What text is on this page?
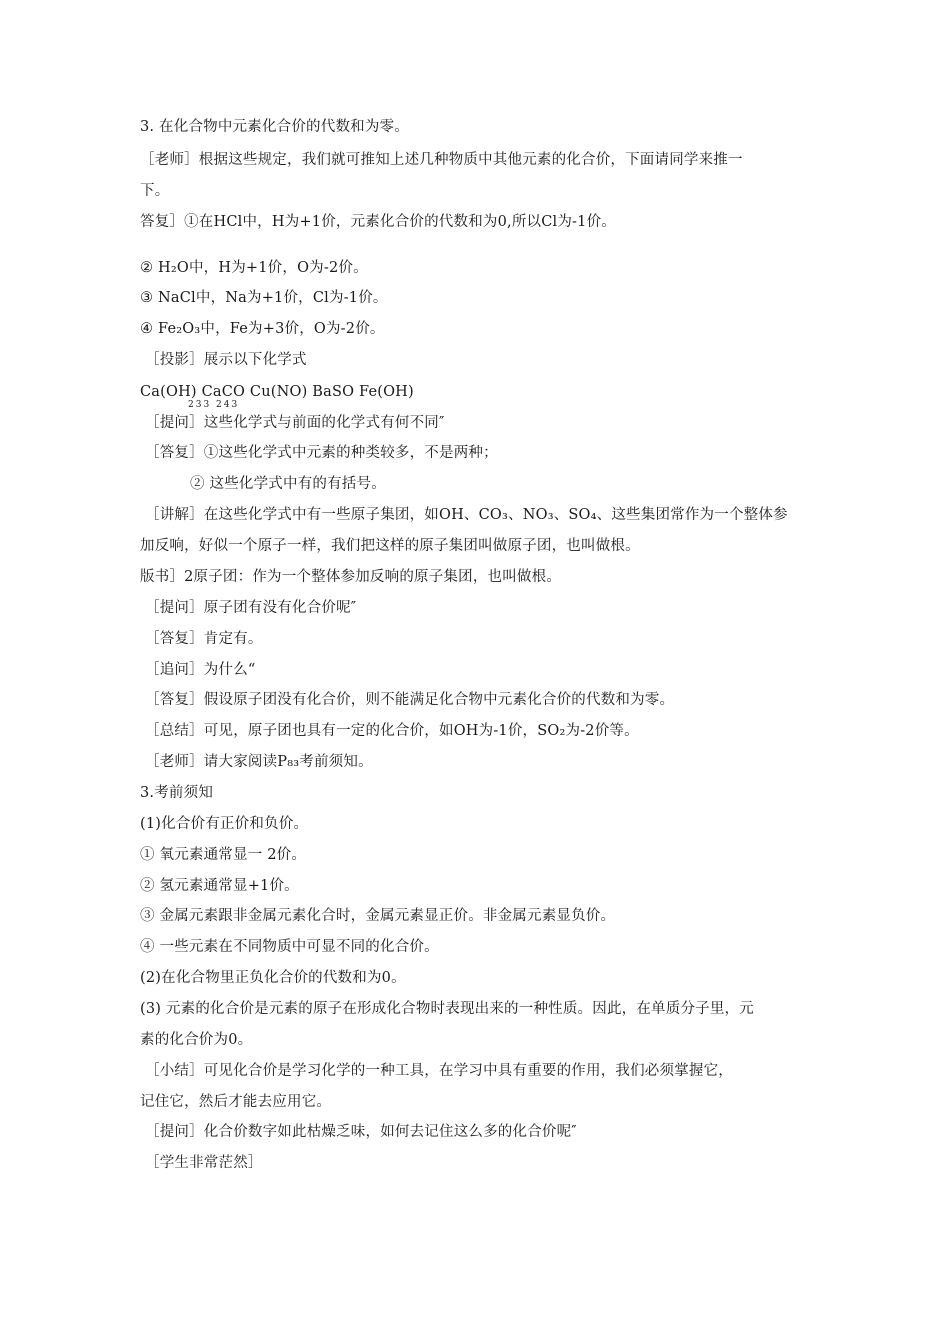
3. 在化合物中元素化合价的代数和为零。
［老师］根据这些规定，我们就可推知上述几种物质中其他元素的化合价，下面请同学来推一
下。
答复］①在HCl中，H为+1价，元素化合价的代数和为0,所以Cl为-1价。
② H₂O中，H为+1价，O为-2价。
③ NaCl中，Na为+1价，Cl为-1价。
④ Fe₂O₃中，Fe为+3价，O为-2价。
［投影］展示以下化学式
Ca(OH) CaCO Cu(NO) BaSO Fe(OH)
233 243
［提问］这些化学式与前面的化学式有何不同″
［答复］①这些化学式中元素的种类较多，不是两种；
② 这些化学式中有的有括号。
［讲解］在这些化学式中有一些原子集团，如OH、CO₃、NO₃、SO₄、这些集团常作为一个整体参
加反响，好似一个原子一样，我们把这样的原子集团叫做原子团，也叫做根。
版书］2原子团：作为一个整体参加反响的原子集团，也叫做根。
［提问］原子团有没有化合价呢″
［答复］肯定有。
［追问］为什么“
［答复］假设原子团没有化合价，则不能满足化合物中元素化合价的代数和为零。
［总结］可见，原子团也具有一定的化合价，如OH为-1价，SO₂为-2价等。
［老师］请大家阅读P₈₃考前须知。
3.考前须知
(1)化合价有正价和负价。
① 氧元素通常显一 2价。
② 氢元素通常显+1价。
③ 金属元素跟非金属元素化合时，金属元素显正价。非金属元素显负价。
④ 一些元素在不同物质中可显不同的化合价。
(2)在化合物里正负化合价的代数和为0。
(3) 元素的化合价是元素的原子在形成化合物时表现出来的一种性质。因此，在单质分子里，元
素的化合价为0。
［小结］可见化合价是学习化学的一种工具，在学习中具有重要的作用，我们必须掌握它，
记住它，然后才能去应用它。
［提问］化合价数字如此枯燥乏味，如何去记住这么多的化合价呢″
［学生非常茫然］
